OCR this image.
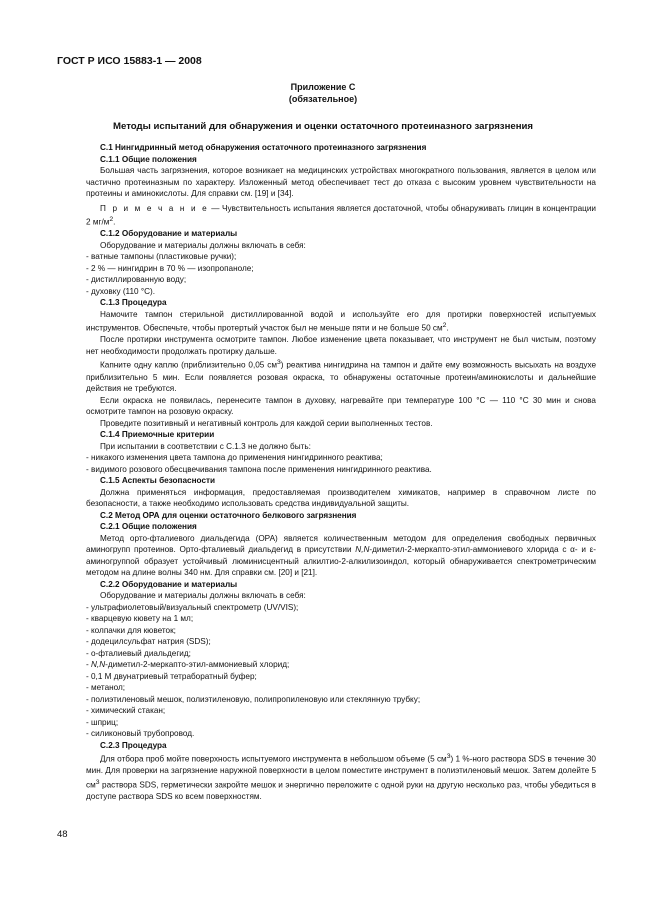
ГОСТ Р ИСО 15883-1 — 2008
Приложение С
(обязательное)
Методы испытаний для обнаружения и оценки остаточного протеиназного загрязнения

С.1 Нингидринный метод обнаружения остаточного протеиназного загрязнения

С.1.1 Общие положения

Большая часть загрязнения, которое возникает на медицинских устройствах многократного пользования, является в целом или частично протеиназным по характеру. Изложенный метод обеспечивает тест до отказа с высоким уровнем чувствительности на протеины и аминокислоты. Для справки см. [19] и [34].

П р и м е ч а н и е — Чувствительность испытания является достаточной, чтобы обнаруживать глицин в концентрации 2 $мг/м^2$.

С.1.2 Оборудование и материалы

Оборудование и материалы должны включать в себя:

- ватные тампоны (пластиковые ручки);

- 2 % — нингидрин в 70 % — изопропаноле;

- дистиллированную воду;

- духовку (110 °С).

С.1.3 Процедура

Намочите тампон стерильной дистиллированной водой и используйте его для протирки поверхностей испытуемых инструментов. Обеспечьте, чтобы протертый участок был не меньше пяти и не больше 50 $см^2$.

После протирки инструмента осмотрите тампон. Любое изменение цвета показывает, что инструмент не был чистым, поэтому нет необходимости продолжать протирку дальше.

Капните одну каплю (приблизительно 0,05 $см^3$) реактива нингидрина на тампон и дайте ему возможность высыхать на воздухе приблизительно 5 мин. Если появляется розовая окраска, то обнаружены остаточные протеин/аминокислоты и дальнейшие действия не требуются.

Если окраска не появилась, перенесите тампон в духовку, нагревайте при температуре 100 °С — 110 °С 30 мин и снова осмотрите тампон на розовую окраску.

Проведите позитивный и негативный контроль для каждой серии выполненных тестов.

С.1.4 Приемочные критерии

При испытании в соответствии с С.1.3 не должно быть:

- никакого изменения цвета тампона до применения нингидринного реактива;

- видимого розового обесцвечивания тампона после применения нингидринного реактива.

С.1.5 Аспекты безопасности

Должна применяться информация, предоставляемая производителем химикатов, например в справочном листе по безопасности, а также необходимо использовать средства индивидуальной защиты.

С.2 Метод ОРА для оценки остаточного белкового загрязнения

С.2.1 Общие положения

Метод орто-фталиевого диальдегида (ОРА) является количественным методом для определения свободных первичных аминогрупп протеинов. Орто-фталиевый диальдегид в присутствии N,N-диметил-2-меркапто-этил-аммониевого хлорида с α- и ε- аминогруппой образует устойчивый люминисцентный алкилтио-2-алкилизоиндол, который обнаруживается спектрометрическим методом на длине волны 340 нм. Для справки см. [20] и [21].

С.2.2 Оборудование и материалы

Оборудование и материалы должны включать в себя:

- ультрафиолетовый/визуальный спектрометр (UV/VIS);

- кварцевую кювету на 1 мл;

- колпачки для кюветок;

- додецилсульфат натрия (SDS);

- о-фталиевый диальдегид;

- N,N-диметил-2-меркапто-этил-аммониевый хлорид;

- 0,1 М двунатриевый тетраборатный буфер;

- метанол;

- полиэтиленовый мешок, полиэтиленовую, полипропиленовую или стеклянную трубку;

- химический стакан;

- шприц;

- силиконовый трубопровод.

С.2.3 Процедура

Для отбора проб мойте поверхность испытуемого инструмента в небольшом объеме (5 $см^3$) 1 %-ного раствора SDS в течение 30 мин. Для проверки на загрязнение наружной поверхности в целом поместите инструмент в полиэтиленовый мешок. Затем долейте 5 $см^3$ раствора SDS, герметически закройте мешок и энергично переложите с одной руки на другую несколько раз, чтобы убедиться в доступе раствора SDS ко всем поверхностям.

48
